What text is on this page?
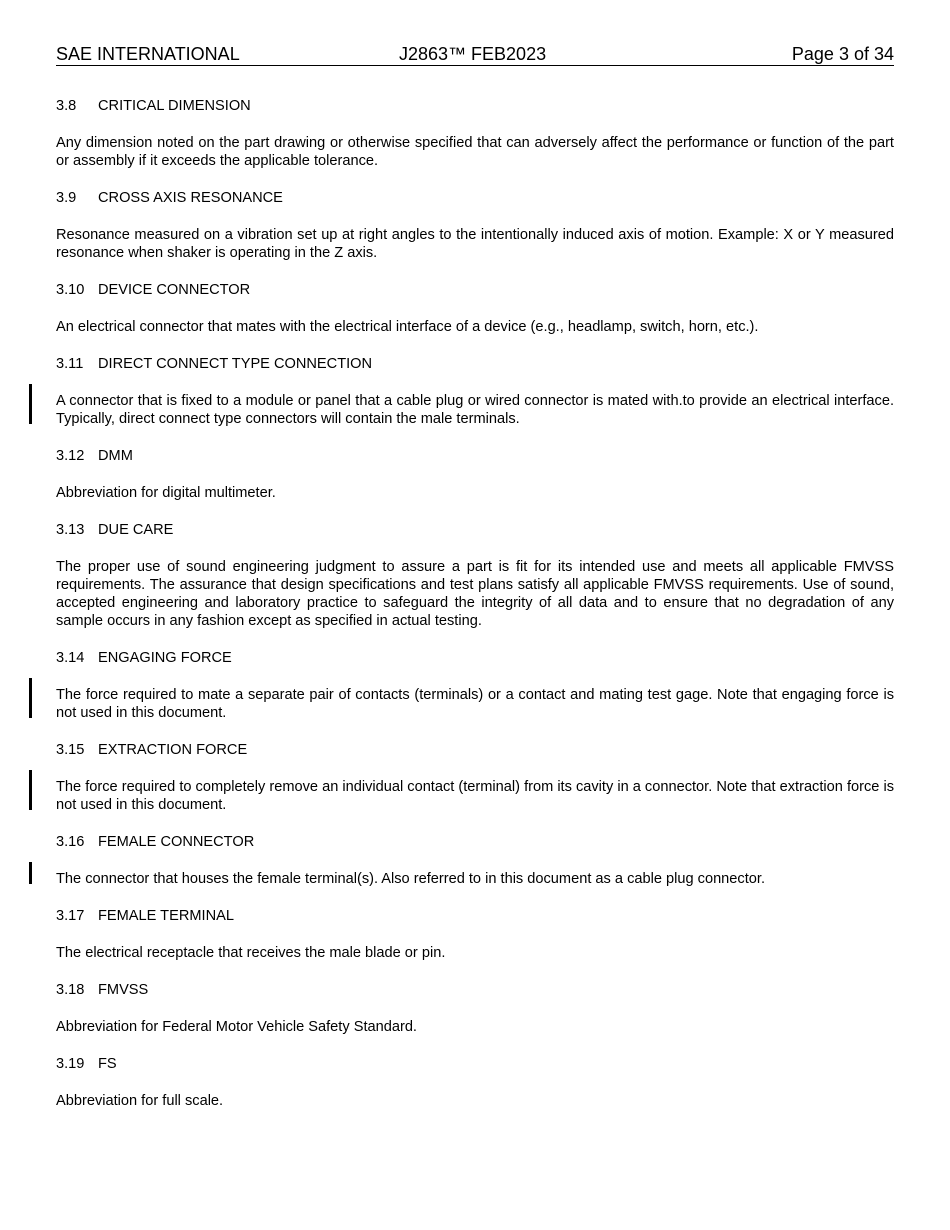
SAE INTERNATIONAL	J2863™ FEB2023	Page 3 of 34
3.8 CRITICAL DIMENSION
Any dimension noted on the part drawing or otherwise specified that can adversely affect the performance or function of the part or assembly if it exceeds the applicable tolerance.
3.9 CROSS AXIS RESONANCE
Resonance measured on a vibration set up at right angles to the intentionally induced axis of motion. Example: X or Y measured resonance when shaker is operating in the Z axis.
3.10 DEVICE CONNECTOR
An electrical connector that mates with the electrical interface of a device (e.g., headlamp, switch, horn, etc.).
3.11 DIRECT CONNECT TYPE CONNECTION
A connector that is fixed to a module or panel that a cable plug or wired connector is mated with.to provide an electrical interface. Typically, direct connect type connectors will contain the male terminals.
3.12 DMM
Abbreviation for digital multimeter.
3.13 DUE CARE
The proper use of sound engineering judgment to assure a part is fit for its intended use and meets all applicable FMVSS requirements. The assurance that design specifications and test plans satisfy all applicable FMVSS requirements. Use of sound, accepted engineering and laboratory practice to safeguard the integrity of all data and to ensure that no degradation of any sample occurs in any fashion except as specified in actual testing.
3.14 ENGAGING FORCE
The force required to mate a separate pair of contacts (terminals) or a contact and mating test gage. Note that engaging force is not used in this document.
3.15 EXTRACTION FORCE
The force required to completely remove an individual contact (terminal) from its cavity in a connector. Note that extraction force is not used in this document.
3.16 FEMALE CONNECTOR
The connector that houses the female terminal(s). Also referred to in this document as a cable plug connector.
3.17 FEMALE TERMINAL
The electrical receptacle that receives the male blade or pin.
3.18 FMVSS
Abbreviation for Federal Motor Vehicle Safety Standard.
3.19 FS
Abbreviation for full scale.
